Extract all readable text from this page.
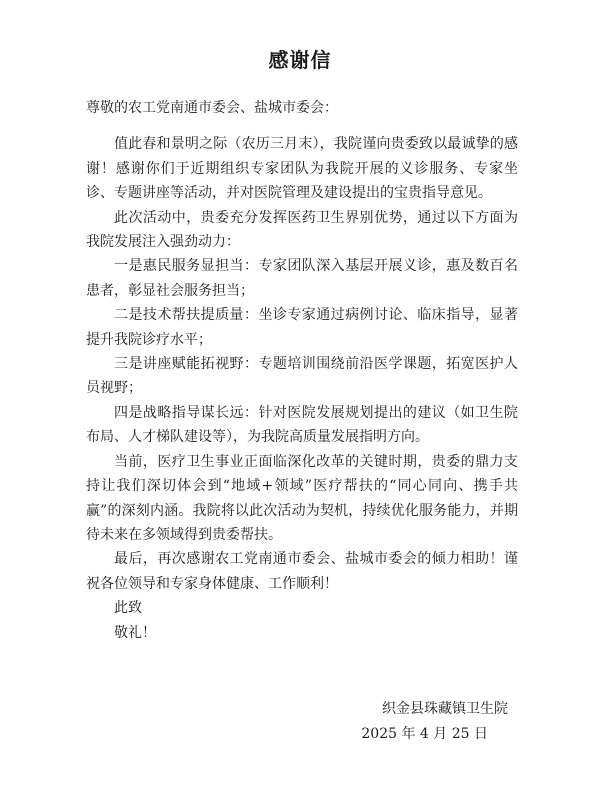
感谢信

尊敬的农工党南通市委会、盐城市委会：

值此春和景明之际（农历三月末），我院谨向贵委致以最诚挚的感谢！感谢你们于近期组织专家团队为我院开展的义诊服务、专家坐诊、专题讲座等活动，并对医院管理及建设提出的宝贵指导意见。

此次活动中，贵委充分发挥医药卫生界别优势，通过以下方面为我院发展注入强劲动力：

一是惠民服务显担当：专家团队深入基层开展义诊，惠及数百名患者，彰显社会服务担当；

二是技术帮扶提质量：坐诊专家通过病例讨论、临床指导，显著提升我院诊疗水平；

三是讲座赋能拓视野：专题培训围绕前沿医学课题，拓宽医护人员视野；

四是战略指导谋长远：针对医院发展规划提出的建议（如卫生院布局、人才梯队建设等），为我院高质量发展指明方向。

当前，医疗卫生事业正面临深化改革的关键时期，贵委的鼎力支持让我们深切体会到“地域+领域”医疗帮扶的“同心同向、携手共赢”的深刻内涵。我院将以此次活动为契机，持续优化服务能力，并期待未来在多领域得到贵委帮扶。

最后，再次感谢农工党南通市委会、盐城市委会的倾力相助！谨祝各位领导和专家身体健康、工作顺利！

此致

敬礼！

织金县珠藏镇卫生院
2025 年 4 月 25 日
